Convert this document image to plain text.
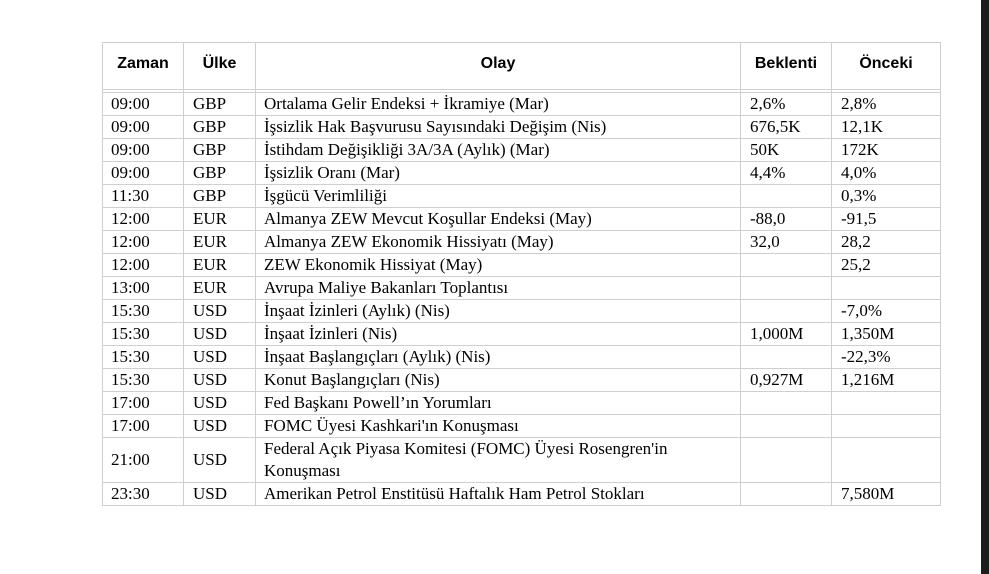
Zaman	Ülke	Olay	Beklenti	Önceki

09:00	GBP	Ortalama Gelir Endeksi + İkramiye (Mar)	2,6%	2,8%
09:00	GBP	İşsizlik Hak Başvurusu Sayısındaki Değişim (Nis)	676,5K	12,1K
09:00	GBP	İstihdam Değişikliği 3A/3A (Aylık) (Mar)	50K	172K
09:00	GBP	İşsizlik Oranı (Mar)	4,4%	4,0%
11:30	GBP	İşgücü Verimliliği		0,3%
12:00	EUR	Almanya ZEW Mevcut Koşullar Endeksi (May)	-88,0	-91,5
12:00	EUR	Almanya ZEW Ekonomik Hissiyatı (May)	32,0	28,2
12:00	EUR	ZEW Ekonomik Hissiyat (May)		25,2
13:00	EUR	Avrupa Maliye Bakanları Toplantısı		
15:30	USD	İnşaat İzinleri (Aylık) (Nis)		-7,0%
15:30	USD	İnşaat İzinleri (Nis)	1,000M	1,350M
15:30	USD	İnşaat Başlangıçları (Aylık) (Nis)		-22,3%
15:30	USD	Konut Başlangıçları (Nis)	0,927M	1,216M
17:00	USD	Fed Başkanı Powell’ın Yorumları		
17:00	USD	FOMC Üyesi Kashkari'ın Konuşması		
21:00	USD	Federal Açık Piyasa Komitesi (FOMC) Üyesi Rosengren'in Konuşması		
23:30	USD	Amerikan Petrol Enstitüsü Haftalık Ham Petrol Stokları		7,580M
